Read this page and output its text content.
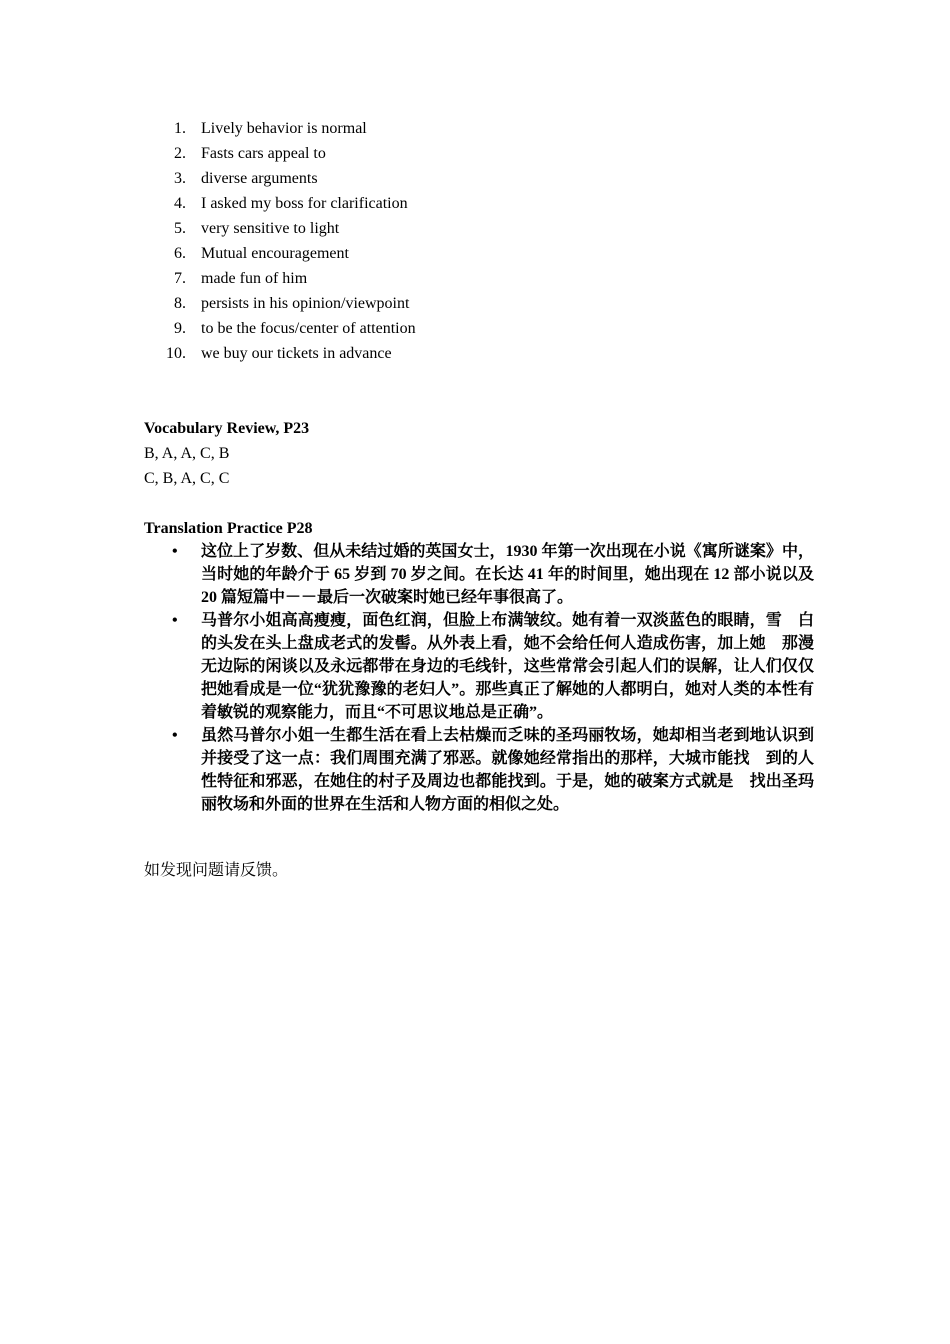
1. Lively behavior is normal
2. Fasts cars appeal to
3. diverse arguments
4. I asked my boss for clarification
5. very sensitive to light
6. Mutual encouragement
7. made fun of him
8. persists in his opinion/viewpoint
9. to be the focus/center of attention
10. we buy our tickets in advance
Vocabulary Review, P23
B, A, A, C, B
C, B, A, C, C
Translation Practice P28
• 这位上了岁数、但从未结过婚的英国女士，1930 年第一次出现在小说《寓所谜案》中，当时她的年龄介于 65 岁到 70 岁之间。在长达 41 年的时间里，她出现在 12 部小说以及 20 篇短篇中－－最后一次破案时她已经年事很高了。
• 马普尔小姐高高瘦瘦，面色红润，但脸上布满皱纹。她有着一双淡蓝色的眼睛，雪　白的头发在头上盘成老式的发髻。从外表上看，她不会给任何人造成伤害，加上她　那漫无边际的闲谈以及永远都带在身边的毛线针，这些常常会引起人们的误解，让人们仅仅把她看成是一位“犹犹豫豫的老妇人”。那些真正了解她的人都明白，她对人类的本性有着敏锐的观察能力，而且“不可思议地总是正确”。
• 虽然马普尔小姐一生都生活在看上去枯燥而乏味的圣玛丽牧场，她却相当老到地认识到并接受了这一点：我们周围充满了邪恶。就像她经常指出的那样，大城市能找　到的人性特征和邪恶，在她住的村子及周边也都能找到。于是，她的破案方式就是　找出圣玛丽牧场和外面的世界在生活和人物方面的相似之处。
如发现问题请反馈。
